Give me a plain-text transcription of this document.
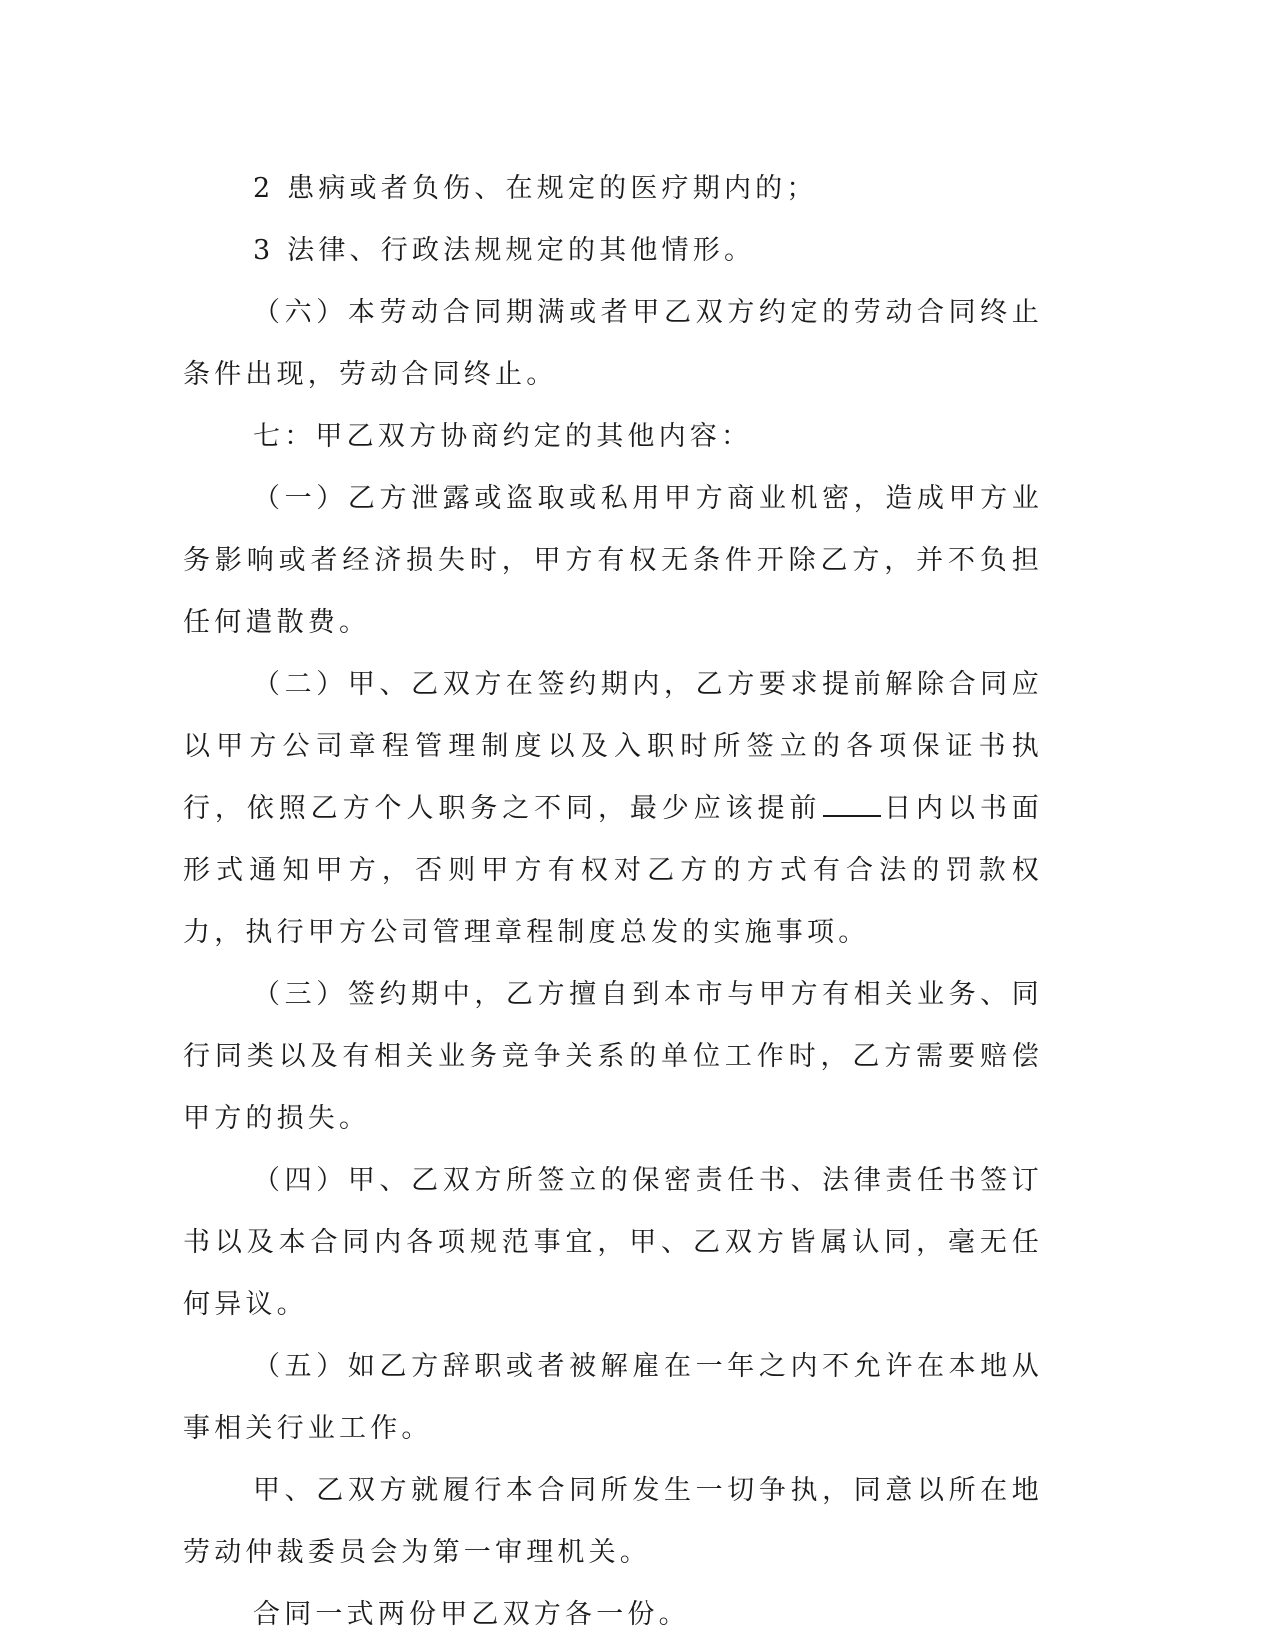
2 患病或者负伤、在规定的医疗期内的；

3 法律、行政法规规定的其他情形。

（六）本劳动合同期满或者甲乙双方约定的劳动合同终止条件出现，劳动合同终止。

七：甲乙双方协商约定的其他内容：

（一）乙方泄露或盗取或私用甲方商业机密，造成甲方业务影响或者经济损失时，甲方有权无条件开除乙方，并不负担任何遣散费。

（二）甲、乙双方在签约期内，乙方要求提前解除合同应以甲方公司章程管理制度以及入职时所签立的各项保证书执行，依照乙方个人职务之不同，最少应该提前 日内以书面形式通知甲方，否则甲方有权对乙方的方式有合法的罚款权力，执行甲方公司管理章程制度总发的实施事项。

（三）签约期中，乙方擅自到本市与甲方有相关业务、同行同类以及有相关业务竞争关系的单位工作时，乙方需要赔偿甲方的损失。

（四）甲、乙双方所签立的保密责任书、法律责任书签订书以及本合同内各项规范事宜，甲、乙双方皆属认同，毫无任何异议。

（五）如乙方辞职或者被解雇在一年之内不允许在本地从事相关行业工作。

甲、乙双方就履行本合同所发生一切争执，同意以所在地劳动仲裁委员会为第一审理机关。

合同一式两份甲乙双方各一份。
